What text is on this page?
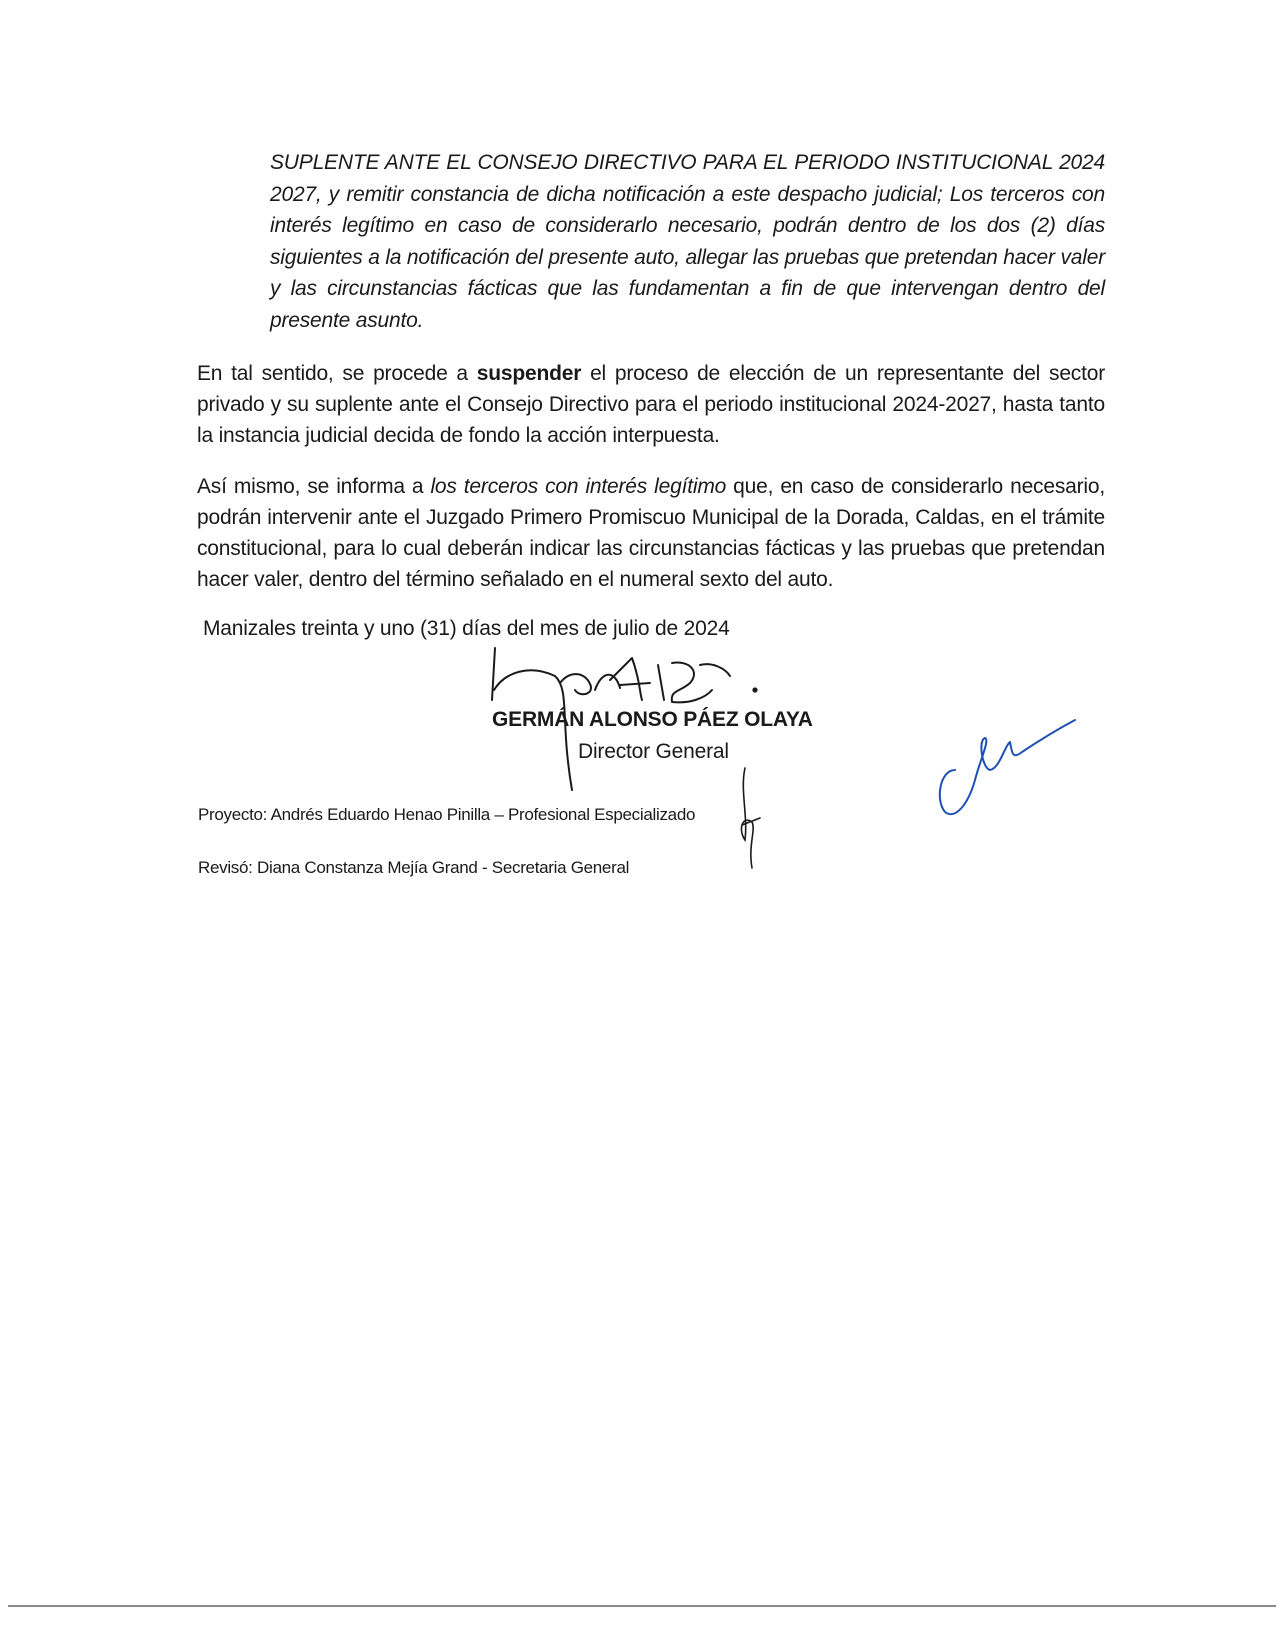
SUPLENTE ANTE EL CONSEJO DIRECTIVO PARA EL PERIODO INSTITUCIONAL 2024 2027, y remitir constancia de dicha notificación a este despacho judicial; Los terceros con interés legítimo en caso de considerarlo necesario, podrán dentro de los dos (2) días siguientes a la notificación del presente auto, allegar las pruebas que pretendan hacer valer y las circunstancias fácticas que las fundamentan a fin de que intervengan dentro del presente asunto.

En tal sentido, se procede a suspender el proceso de elección de un representante del sector privado y su suplente ante el Consejo Directivo para el periodo institucional 2024-2027, hasta tanto la instancia judicial decida de fondo la acción interpuesta.

Así mismo, se informa a los terceros con interés legítimo que, en caso de considerarlo necesario, podrán intervenir ante el Juzgado Primero Promiscuo Municipal de la Dorada, Caldas, en el trámite constitucional, para lo cual deberán indicar las circunstancias fácticas y las pruebas que pretendan hacer valer, dentro del término señalado en el numeral sexto del auto.

Manizales treinta y uno (31) días del mes de julio de 2024
GERMÁN ALONSO PÁEZ OLAYA
Director General
Proyecto: Andrés Eduardo Henao Pinilla – Profesional Especializado
Revisó: Diana Constanza Mejía Grand - Secretaria General
